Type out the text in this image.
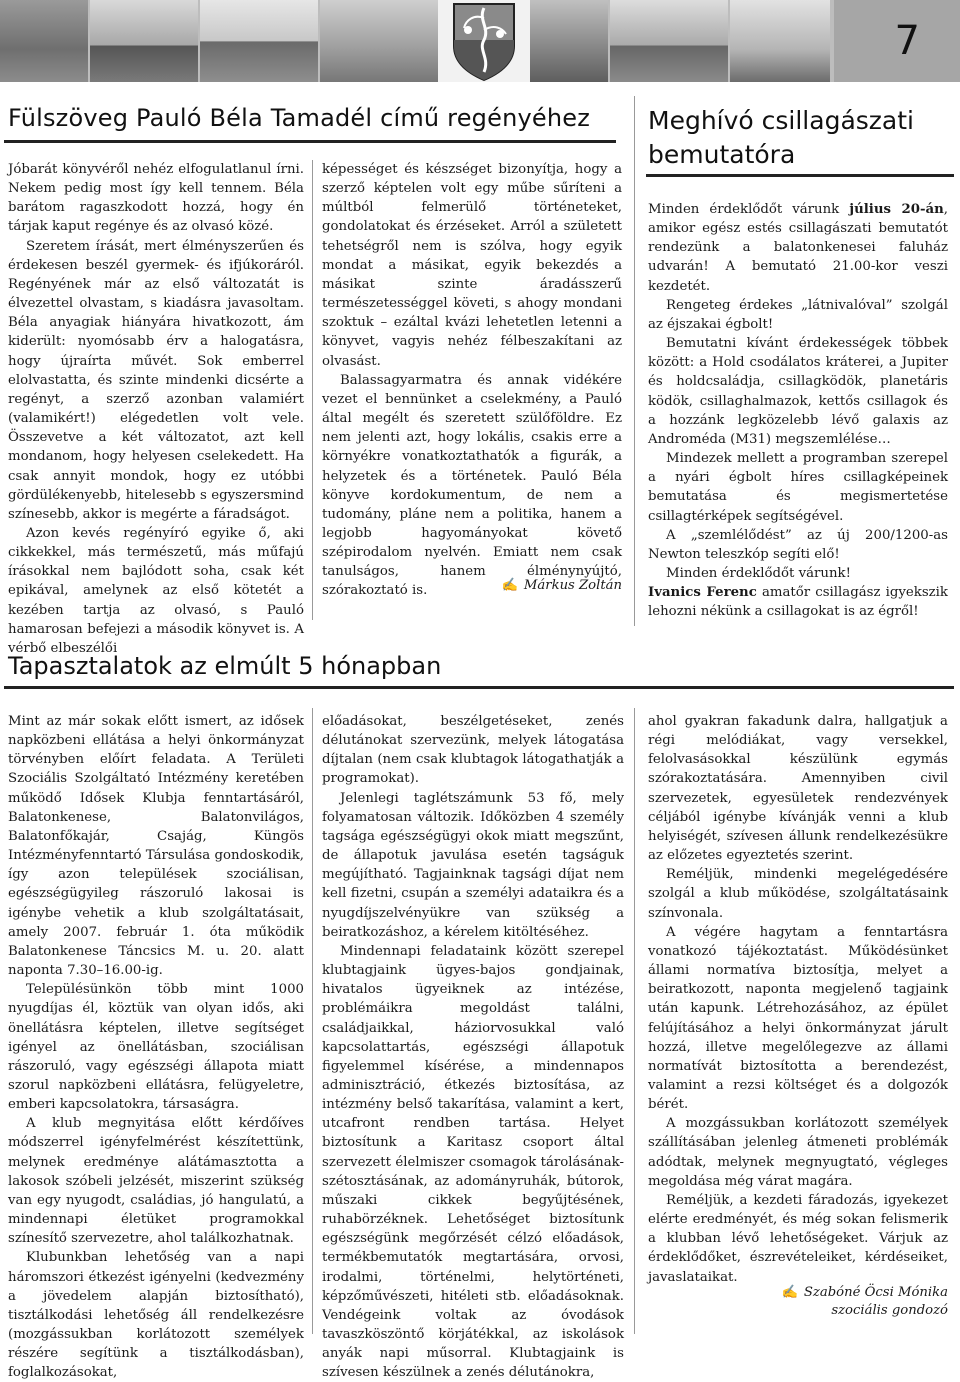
7
Fülszöveg Pauló Béla Tamadél című regényéhez

Jóbarát könyvéről nehéz elfogulatlanul írni. Nekem pedig most így kell tennem. Béla barátom ragaszkodott hozzá, hogy én tárjak kaput regénye és az olvasó közé.

Szeretem írását, mert élményszerűen és érdekesen beszél gyermek- és ifjúkoráról. Regényének már az első változatát is élvezettel olvastam, s kiadásra javasoltam. Béla anyagiak hiányára hivatkozott, ám kiderült: nyomósabb érv a halogatásra, hogy újraírta művét. Sok emberrel elolvastatta, és szinte mindenki dicsérte a regényt, a szerző azonban valamiért (valamikért!) elégedetlen volt vele. Összevetve a két változatot, azt kell mondanom, hogy helyesen cselekedett. Ha csak annyit mondok, hogy ez utóbbi gördülékenyebb, hitelesebb s egyszersmind színesebb, akkor is megérte a fáradságot.

Azon kevés regényíró egyike ő, aki cikkekkel, más természetű, más műfajú írásokkal nem bajlódott soha, csak két epikával, amelynek az első kötetét a kezében tartja az olvasó, s Pauló hamarosan befejezi a második könyvet is. A vérbő elbeszélői

képességet és készséget bizonyítja, hogy a szerző képtelen volt egy műbe sűríteni a múltból felmerülő történeteket, gondolatokat és érzéseket. Arról a született tehetségről nem is szólva, hogy egyik mondat a másikat, egyik bekezdés a másikat szinte áradásszerű természetességgel követi, s ahogy mondani szoktuk – ezáltal kvázi lehetetlen letenni a könyvet, vagyis nehéz félbeszakítani az olvasást.

Balassagyarmatra és annak vidékére vezet el bennünket a cselekmény, a Pauló által megélt és szeretett szülőföldre. Ez nem jelenti azt, hogy lokális, csakis erre a környékre vonatkoztathatók a figurák, a helyzetek és a történetek. Pauló Béla könyve kordokumentum, de nem a tudomány, pláne nem a politika, hanem a legjobb hagyományokat követő szépirodalom nyelvén. Emiatt nem csak tanulságos, hanem élménynyújtó, szórakoztató is.	✍ Márkus Zoltán
Meghívó csillagászati bemutatóra

Minden érdeklődőt várunk július 20-án, amikor egész estés csillagászati bemutatót rendezünk a balatonkenesei faluház udvarán! A bemutató 21.00-kor veszi kezdetét.

Rengeteg érdekes „látnivalóval” szolgál az éjszakai égbolt!

Bemutatni kívánt érdekességek többek között: a Hold csodálatos kráterei, a Jupiter és holdcsaládja, csillagködök, planetáris ködök, csillaghalmazok, kettős csillagok és a hozzánk legközelebb lévő galaxis az Androméda (M31) megszemlélése…

Mindezek mellett a programban szerepel a nyári égbolt híres csillagképeinek bemutatása és megismertetése csillagtérképek segítségével.

A „szemlélődést” az új 200/1200-as Newton teleszkóp segíti elő!

Minden érdeklődőt várunk!

Ivanics Ferenc amatőr csillagász igyekszik lehozni nékünk a csillagokat is az égről!

Tapasztalatok az elmúlt 5 hónapban

Mint az már sokak előtt ismert, az idősek napközbeni ellátása a helyi önkormányzat törvényben előírt feladata. A Területi Szociális Szolgáltató Intézmény keretében működő Idősek Klubja fenntartásáról, Balatonkenese, Balatonvilágos, Balatonfőkajár, Csajág, Küngös Intézményfenntartó Társulása gondoskodik, így azon települések szociálisan, egészségügyileg rászoruló lakosai is igénybe vehetik a klub szolgáltatásait, amely 2007. február 1. óta működik Balatonkenese Táncsics M. u. 20. alatt naponta 7.30–16.00-ig.

Településünkön több mint 1000 nyugdíjas él, köztük van olyan idős, aki önellátásra képtelen, illetve segítséget igényel az önellátásban, szociálisan rászoruló, vagy egészségi állapota miatt szorul napközbeni ellátásra, felügyeletre, emberi kapcsolatokra, társaságra.

A klub megnyitása előtt kérdőíves módszerrel igényfelmérést készítettünk, melynek eredménye alátámasztotta a lakosok szóbeli jelzését, miszerint szükség van egy nyugodt, családias, jó hangulatú, a mindennapi életüket programokkal színesítő szervezetre, ahol találkozhatnak.

Klubunkban lehetőség van a napi háromszori étkezést igényelni (kedvezmény a jövedelem alapján biztosítható), tisztálkodási lehetőség áll rendelkezésre (mozgássukban korlátozott személyek részére segítünk a tisztálkodásban), foglalkozásokat,

előadásokat, beszélgetéseket, zenés délutánokat szervezünk, melyek látogatása díjtalan (nem csak klubtagok látogathatják a programokat).

Jelenlegi taglétszámunk 53 fő, mely folyamatosan változik. Időközben 4 személy tagsága egészségügyi okok miatt megszűnt, de állapotuk javulása esetén tagságuk megújítható. Tagjainknak tagsági díjat nem kell fizetni, csupán a személyi adataikra és a nyugdíjszelvényükre van szükség a beiratkozáshoz, a kérelem kitöltéséhez.

Mindennapi feladataink között szerepel klubtagjaink ügyes-bajos gondjainak, hivatalos ügyeiknek az intézése, problémáikra megoldást találni, családjaikkal, háziorvosukkal való kapcsolattartás, egészségi állapotuk figyelemmel kísérése, a mindennapos adminisztráció, étkezés biztosítása, az intézmény belső takarítása, valamint a kert, utcafront rendben tartása. Helyet biztosítunk a Karitasz csoport által szervezett élelmiszer csomagok tárolásának-szétosztásának, az adományruhák, bútorok, műszaki cikkek begyűjtésének, ruhabörzéknek. Lehetőséget biztosítunk egészségünk megőrzését célzó előadások, termékbemutatók megtartására, orvosi, irodalmi, történelmi, helytörténeti, képzőművészeti, hitéleti stb. előadásoknak. Vendégeink voltak az óvodások tavaszköszöntő körjátékkal, az iskolások anyák napi műsorral. Klubtagjaink is szívesen készülnek a zenés délutánokra,

ahol gyakran fakadunk dalra, hallgatjuk a régi melódiákat, vagy versekkel, felolvasásokkal készülünk egymás szórakoztatására. Amennyiben civil szervezetek, egyesületek rendezvények céljából igénybe kívánják venni a klub helyiségét, szívesen állunk rendelkezésükre az előzetes egyeztetés szerint.

Reméljük, mindenki megelégedésére szolgál a klub működése, szolgáltatásaink színvonala.

A végére hagytam a fenntartásra vonatkozó tájékoztatást. Működésünket állami normatíva biztosítja, melyet a beiratkozott, naponta megjelenő tagjaink után kapunk. Létrehozásához, az épület felújításához a helyi önkormányzat járult hozzá, illetve megelőlegezve az állami normatívát biztosította a berendezést, valamint a rezsi költséget és a dolgozók bérét.

A mozgássukban korlátozott személyek szállításában jelenleg átmeneti problémák adódtak, melynek megnyugtató, végleges megoldása még várat magára.

Reméljük, a kezdeti fáradozás, igyekezet elérte eredményét, és még sokan felismerik a klubban lévő lehetőségeket. Várjuk az érdeklődőket, észrevételeiket, kérdéseiket, javaslataikat.

✍ Szabóné Öcsi Mónika
szociális gondozó
